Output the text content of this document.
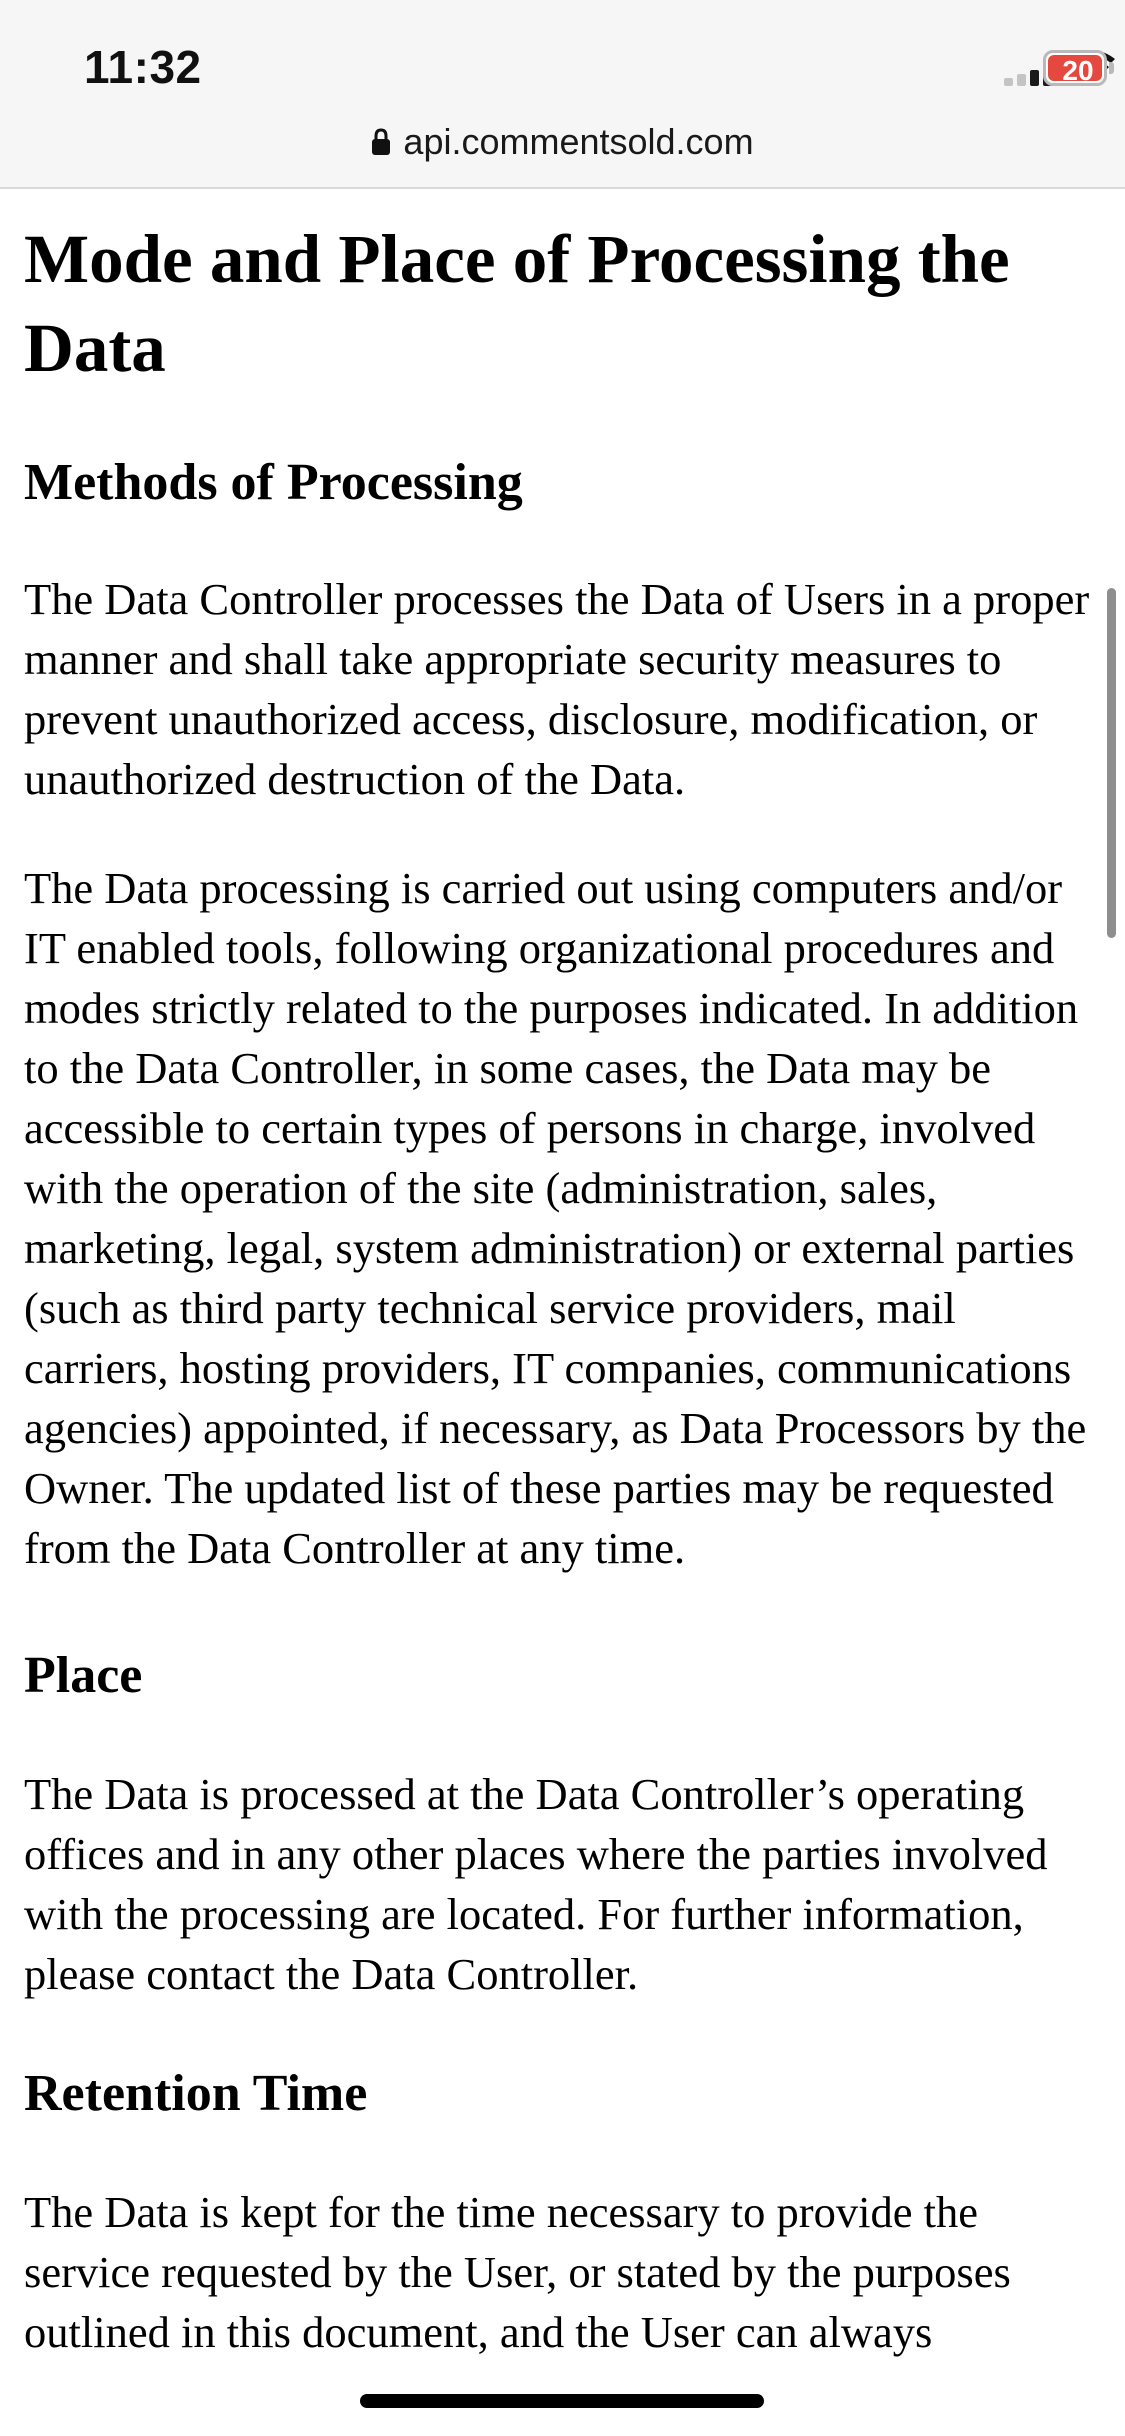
11:32	20
api.commentsold.com
Mode and Place of Processing the Data
Methods of Processing

The Data Controller processes the Data of Users in a proper manner and shall take appropriate security measures to prevent unauthorized access, disclosure, modification, or unauthorized destruction of the Data.

The Data processing is carried out using computers and/or IT enabled tools, following organizational procedures and modes strictly related to the purposes indicated. In addition to the Data Controller, in some cases, the Data may be accessible to certain types of persons in charge, involved with the operation of the site (administration, sales, marketing, legal, system administration) or external parties (such as third party technical service providers, mail carriers, hosting providers, IT companies, communications agencies) appointed, if necessary, as Data Processors by the Owner. The updated list of these parties may be requested from the Data Controller at any time.

Place

The Data is processed at the Data Controller’s operating offices and in any other places where the parties involved with the processing are located. For further information, please contact the Data Controller.

Retention Time

The Data is kept for the time necessary to provide the service requested by the User, or stated by the purposes outlined in this document, and the User can always
